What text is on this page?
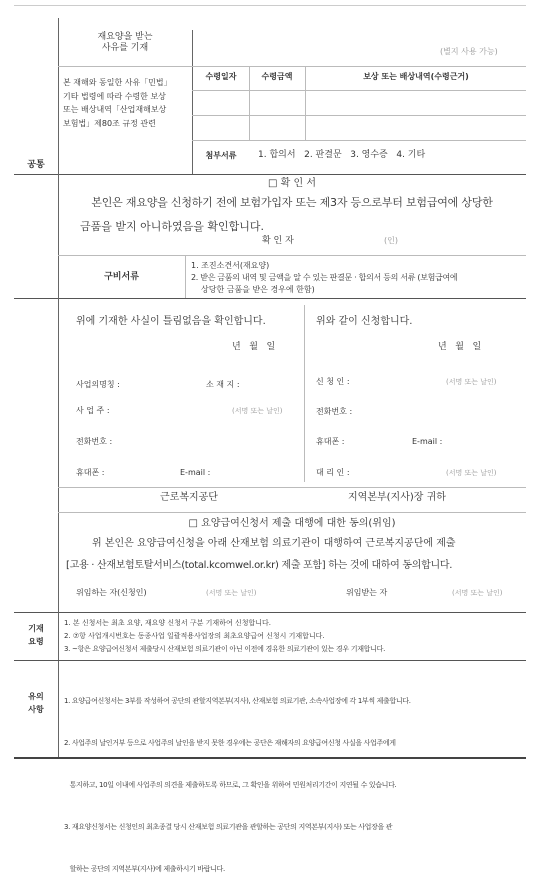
재요양을 받는
사유를 기재	(별지 사용 가능)
본 재해와 동일한 사유「민법」
기타 법령에 따라 수령한 보상
또는 배상내역「산업재해보상
보험법」제80조 규정 관련
수령일자	수령금액	보상 또는 배상내역(수령근거)
첨부서류	1. 합의서   2. 판결문   3. 영수증   4. 기타
공통
□ 확 인 서
본인은 재요양을 신청하기 전에 보험가입자 또는 제3자 등으로부터 보험급여에 상당한
금품을 받지 아니하였음을 확인합니다.
확 인 자	(인)
구비서류
1. 조진소견서(재요양)
2. 받은 금품의 내역 및 금액을 알 수 있는 판결문 · 합의서 등의 서류 (보험급여에
상당한 금품을 받은 경우에 한함)
위에 기재한 사실이 틀림없음을 확인합니다.
년   월   일
사업의명칭 :	소 재 지 :
사 업 주 :	(서명 또는 날인)
전화번호 :
휴대폰 :	E-mail :
위와 같이 신청합니다.
년   월   일
신 청 인 :	(서명 또는 날인)
전화번호 :
휴대폰 :	E-mail :
대 리 인 :	(서명 또는 날인)
근로복지공단	지역본부(지사)장 귀하
□ 요양급여신청서 제출 대행에 대한 동의(위임)
위 본인은 요양급여신청을 아래 산재보험 의료기관이 대행하여 근로복지공단에 제출
[고용 · 산재보험토탈서비스(total.kcomwel.or.kr) 제출 포함] 하는 것에 대하여 동의합니다.
위임하는 자(신청인)	(서명 또는 날인)	위임받는 자	(서명 또는 날인)
기재
요령
1. 본 신청서는 최초 요양, 재요양 신청서 구분 기재하여 신청합니다.
2. ⑦항 사업개시번호는 동종사업 일괄적용사업장의 최초요양급여 신청시 기재합니다.
3. ~항은 요양급여신청서 제출당시 산재보험 의료기관이 아닌 이전에 경유한 의료기관이 있는 경우 기재합니다.
유의
사항

1. 요양급여신청서는 3부를 작성하여 공단의 관할지역본부(지사), 산재보험 의료기관, 소속사업장에 각 1부씩 제출합니다.

2. 사업주의 날인거부 등으로 사업주의 날인을 받지 못한 경우에는 공단은 재해자의 요양급여신청 사실을 사업주에게

통지하고, 10일 이내에 사업주의 의견을 제출하도록 하므로, 그 확인을 위하여 민원처리기간이 지연될 수 있습니다.

3. 재요양신청서는 신청인의 최초종결 당시 산재보험 의료기관을 관할하는 공단의 지역본부(지사) 또는 사업장을 관

할하는 공단의 지역본부(지사)에 제출하시기 바랍니다.
